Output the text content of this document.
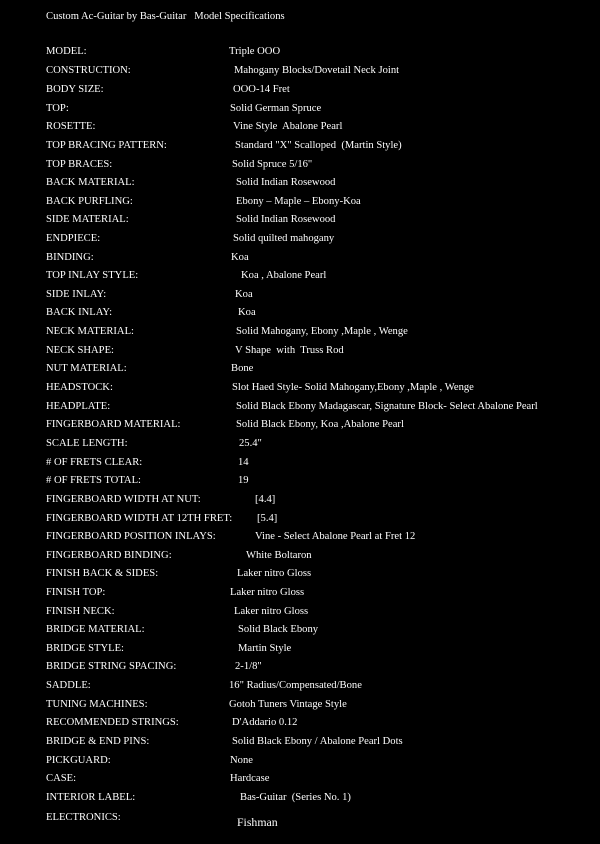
Custom Ac-Guitar by Bas-Guitar   Model Specifications
MODEL:	Triple OOO
CONSTRUCTION:	Mahogany Blocks/Dovetail Neck Joint
BODY SIZE:	OOO-14 Fret
TOP:	Solid German Spruce
ROSETTE:	Vine Style  Abalone Pearl
TOP BRACING PATTERN:	Standard "X" Scalloped  (Martin Style)
TOP BRACES:	Solid Spruce 5/16"
BACK MATERIAL:	Solid Indian Rosewood
BACK PURFLING:	Ebony – Maple – Ebony-Koa
SIDE MATERIAL:	Solid Indian Rosewood
ENDPIECE:	Solid quilted mahogany
BINDING:	Koa
TOP INLAY STYLE:	Koa , Abalone Pearl
SIDE INLAY:	Koa
BACK INLAY:	Koa
NECK MATERIAL:	Solid Mahogany, Ebony ,Maple , Wenge
NECK SHAPE:	V Shape  with  Truss Rod
NUT MATERIAL:	Bone
HEADSTOCK:	Slot Haed Style- Solid Mahogany,Ebony ,Maple , Wenge
HEADPLATE:	Solid Black Ebony Madagascar, Signature Block- Select Abalone Pearl
FINGERBOARD MATERIAL:	Solid Black Ebony, Koa ,Abalone Pearl
SCALE LENGTH:	25.4"
# OF FRETS CLEAR:	14
# OF FRETS TOTAL:	19
FINGERBOARD WIDTH AT NUT:	[4.4]
FINGERBOARD WIDTH AT 12TH FRET: [5.4]
FINGERBOARD POSITION INLAYS:	Vine - Select Abalone Pearl at Fret 12
FINGERBOARD BINDING:	White Boltaron
FINISH BACK & SIDES:	Laker nitro Gloss
FINISH TOP:	Laker nitro Gloss
FINISH NECK:	Laker nitro Gloss
BRIDGE MATERIAL:	Solid Black Ebony
BRIDGE STYLE:	Martin Style
BRIDGE STRING SPACING:	2-1/8"
SADDLE:	16" Radius/Compensated/Bone
TUNING MACHINES:	Gotoh Tuners Vintage Style
RECOMMENDED STRINGS:	D'Addario 0.12
BRIDGE & END PINS:	Solid Black Ebony / Abalone Pearl Dots
PICKGUARD:	None
CASE:	Hardcase
INTERIOR LABEL:	Bas-Guitar  (Series No. 1)
ELECTRONICS:	Fishman
